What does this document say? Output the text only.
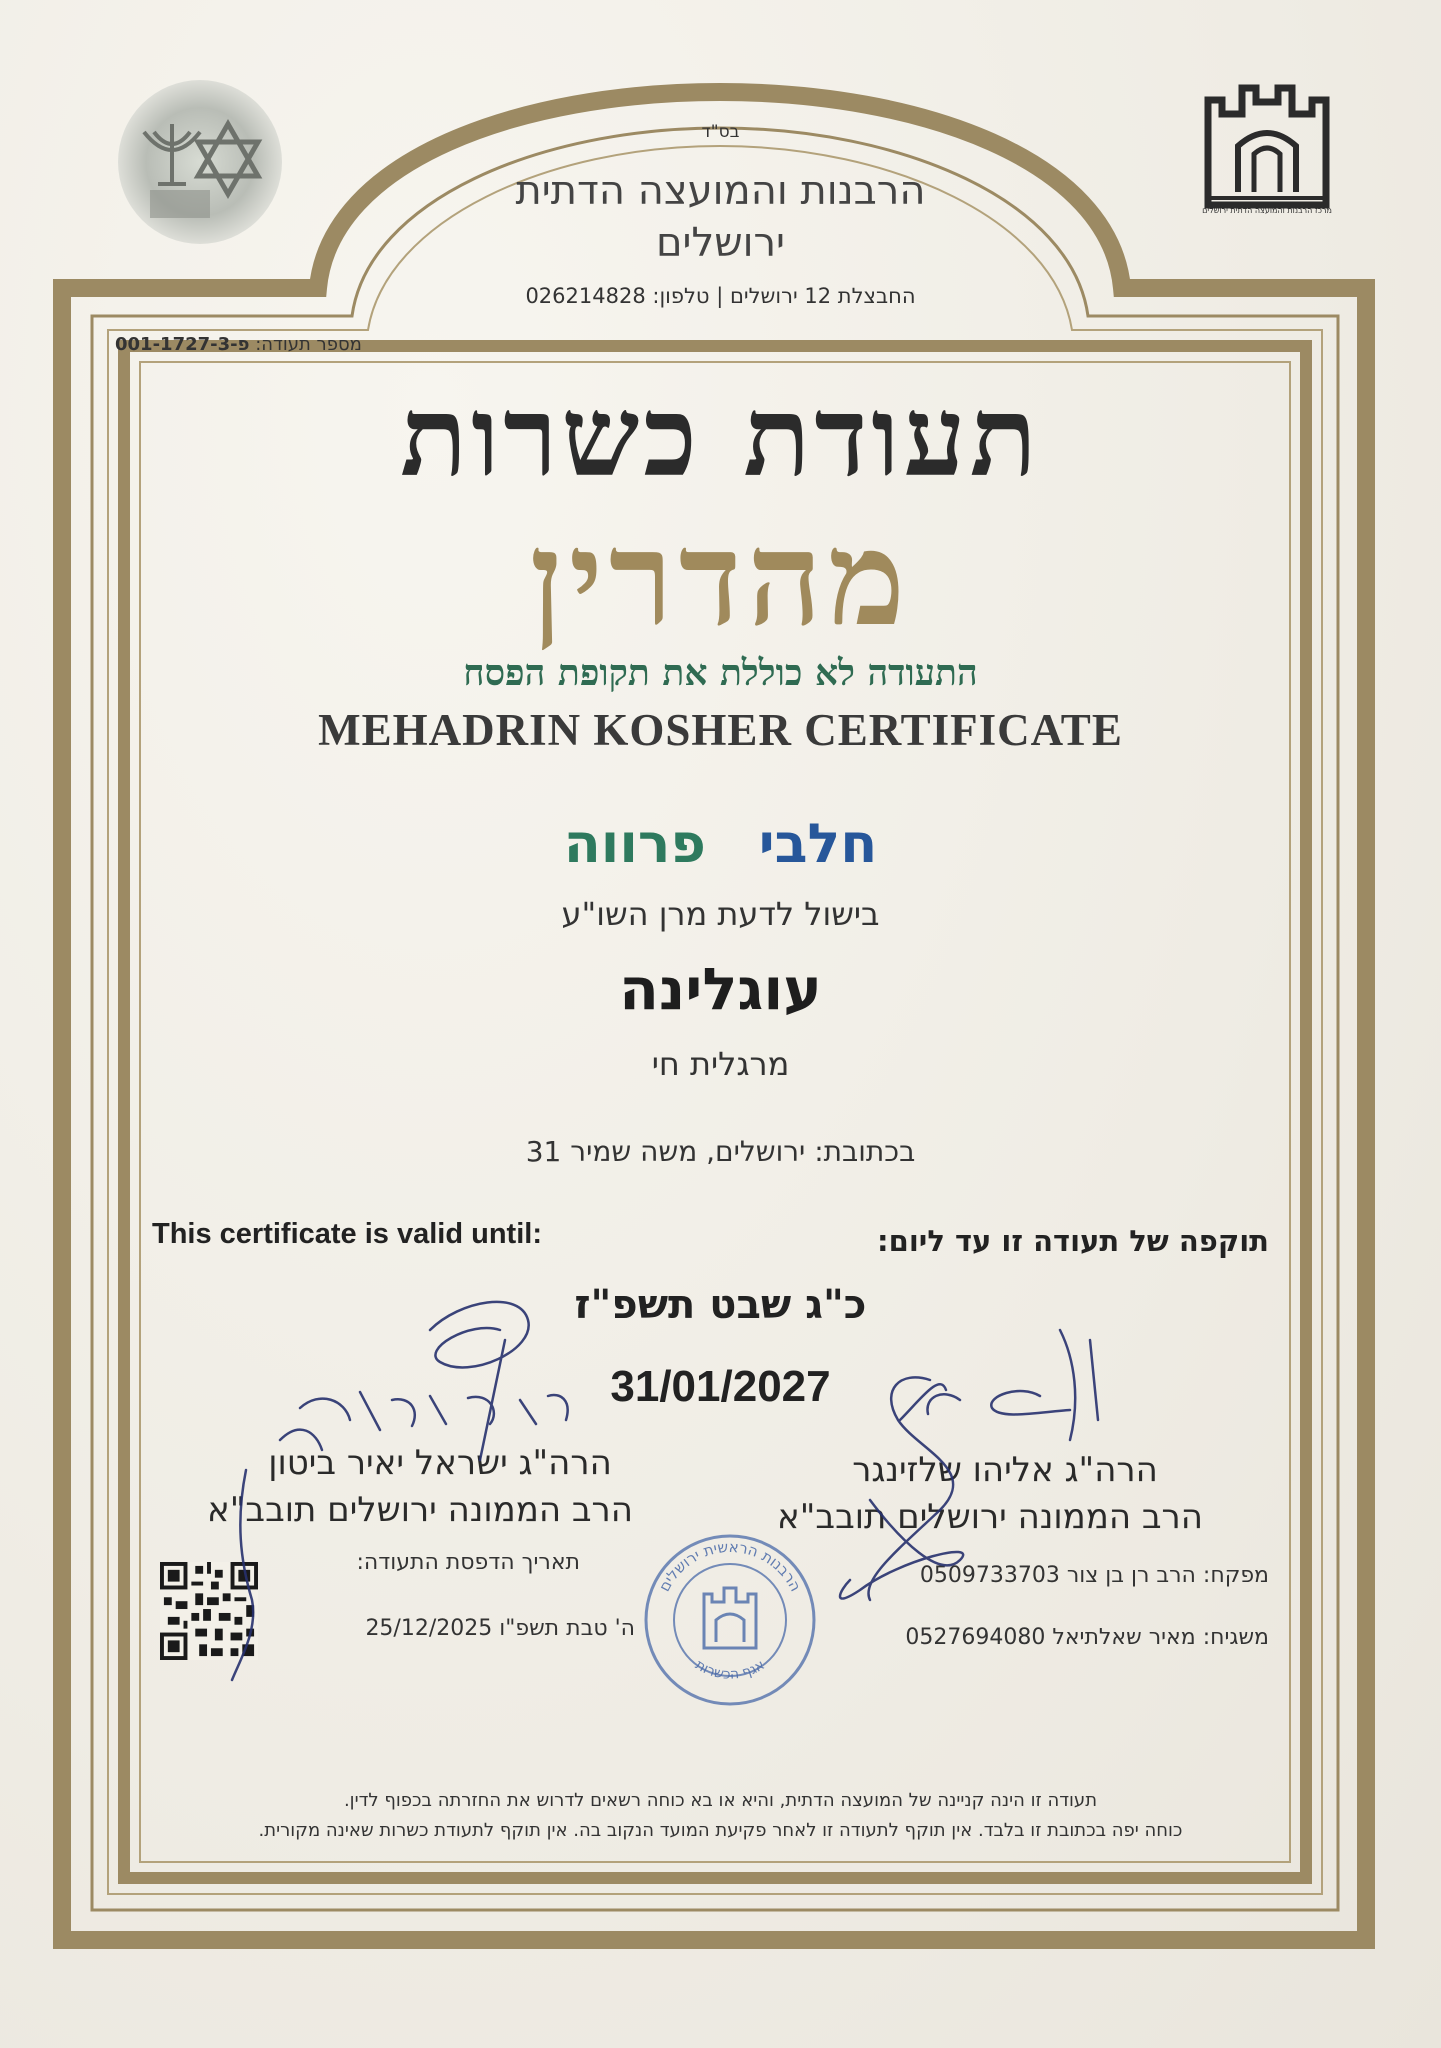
מרכז הרבנות והמועצה הדתית ירושלים
בס"ד
הרבנות והמועצה הדתית
ירושלים
החבצלת 12 ירושלים | טלפון: 026214828
מספר תעודה: פ-001-1727-3
תעודת כשרות
מהדרין
התעודה לא כוללת את תקופת הפסח
MEHADRIN KOSHER CERTIFICATE
חלבי פרווה
בישול לדעת מרן השו"ע
עוגלינה
מרגלית חי
בכתובת: ירושלים, משה שמיר 31
This certificate is valid until:	תוקפה של תעודה זו עד ליום:
כ"ג שבט תשפ"ז
31/01/2027
הרה"ג ישראל יאיר ביטון
הרב הממונה ירושלים תובב"א
הרה"ג אליהו שלזינגר
הרב הממונה ירושלים תובב"א
תאריך הדפסת התעודה:
ה' טבת תשפ"ו 25/12/2025
מפקח: הרב רן בן צור 0509733703
משגיח: מאיר שאלתיאל 0527694080
הרבנות הראשית ירושלים
אגף הכשרות
תעודה זו הינה קניינה של המועצה הדתית, והיא או בא כוחה רשאים לדרוש את החזרתה בכפוף לדין.
כוחה יפה בכתובת זו בלבד. אין תוקף לתעודה זו לאחר פקיעת המועד הנקוב בה. אין תוקף לתעודת כשרות שאינה מקורית.
